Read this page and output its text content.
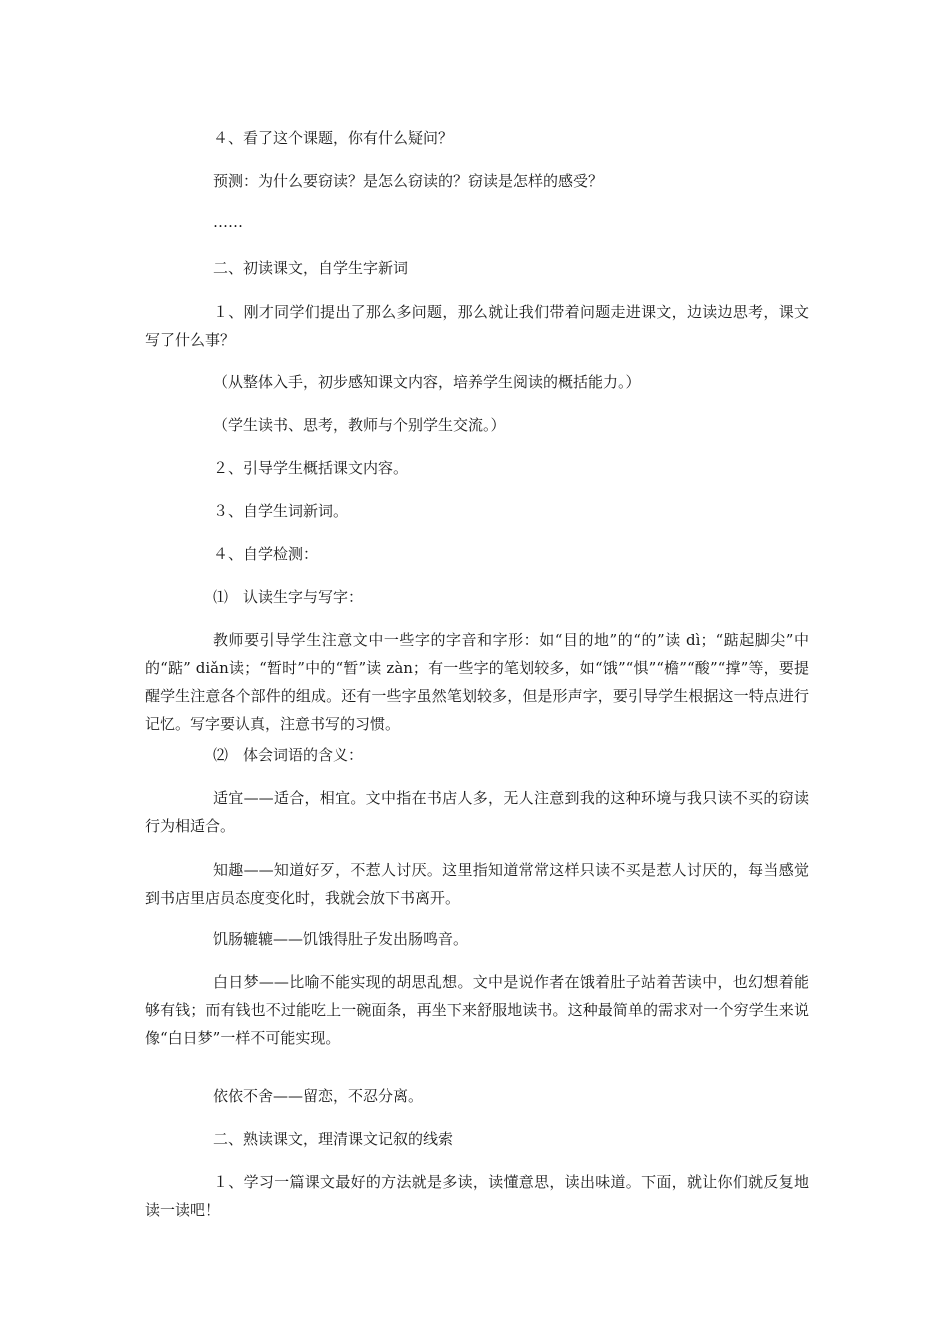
４、看了这个课题，你有什么疑问？
预测：为什么要窃读？是怎么窃读的？窃读是怎样的感受？
……
二、初读课文，自学生字新词
１、刚才同学们提出了那么多问题，那么就让我们带着问题走进课文，边读边思考，课文写了什么事？
（从整体入手，初步感知课文内容，培养学生阅读的概括能力。）
（学生读书、思考，教师与个别学生交流。）
２、引导学生概括课文内容。
３、自学生词新词。
４、自学检测：
⑴　认读生字与写字：
教师要引导学生注意文中一些字的字音和字形：如“目的地”的“的”读 dì；“踮起脚尖”中的“踮” diǎn读；“暂时”中的“暂”读 zàn；有一些字的笔划较多，如“饿”“惧”“檐”“酸”“撑”等，要提醒学生注意各个部件的组成。还有一些字虽然笔划较多，但是形声字，要引导学生根据这一特点进行记忆。写字要认真，注意书写的习惯。
⑵　体会词语的含义：
适宜——适合，相宜。文中指在书店人多，无人注意到我的这种环境与我只读不买的窃读行为相适合。
知趣——知道好歹，不惹人讨厌。这里指知道常常这样只读不买是惹人讨厌的，每当感觉到书店里店员态度变化时，我就会放下书离开。
饥肠辘辘——饥饿得肚子发出肠鸣音。
白日梦——比喻不能实现的胡思乱想。文中是说作者在饿着肚子站着苦读中，也幻想着能够有钱；而有钱也不过能吃上一碗面条，再坐下来舒服地读书。这种最简单的需求对一个穷学生来说像“白日梦”一样不可能实现。
依依不舍——留恋，不忍分离。
二、熟读课文，理清课文记叙的线索
１、学习一篇课文最好的方法就是多读，读懂意思，读出味道。下面，就让你们就反复地读一读吧！
